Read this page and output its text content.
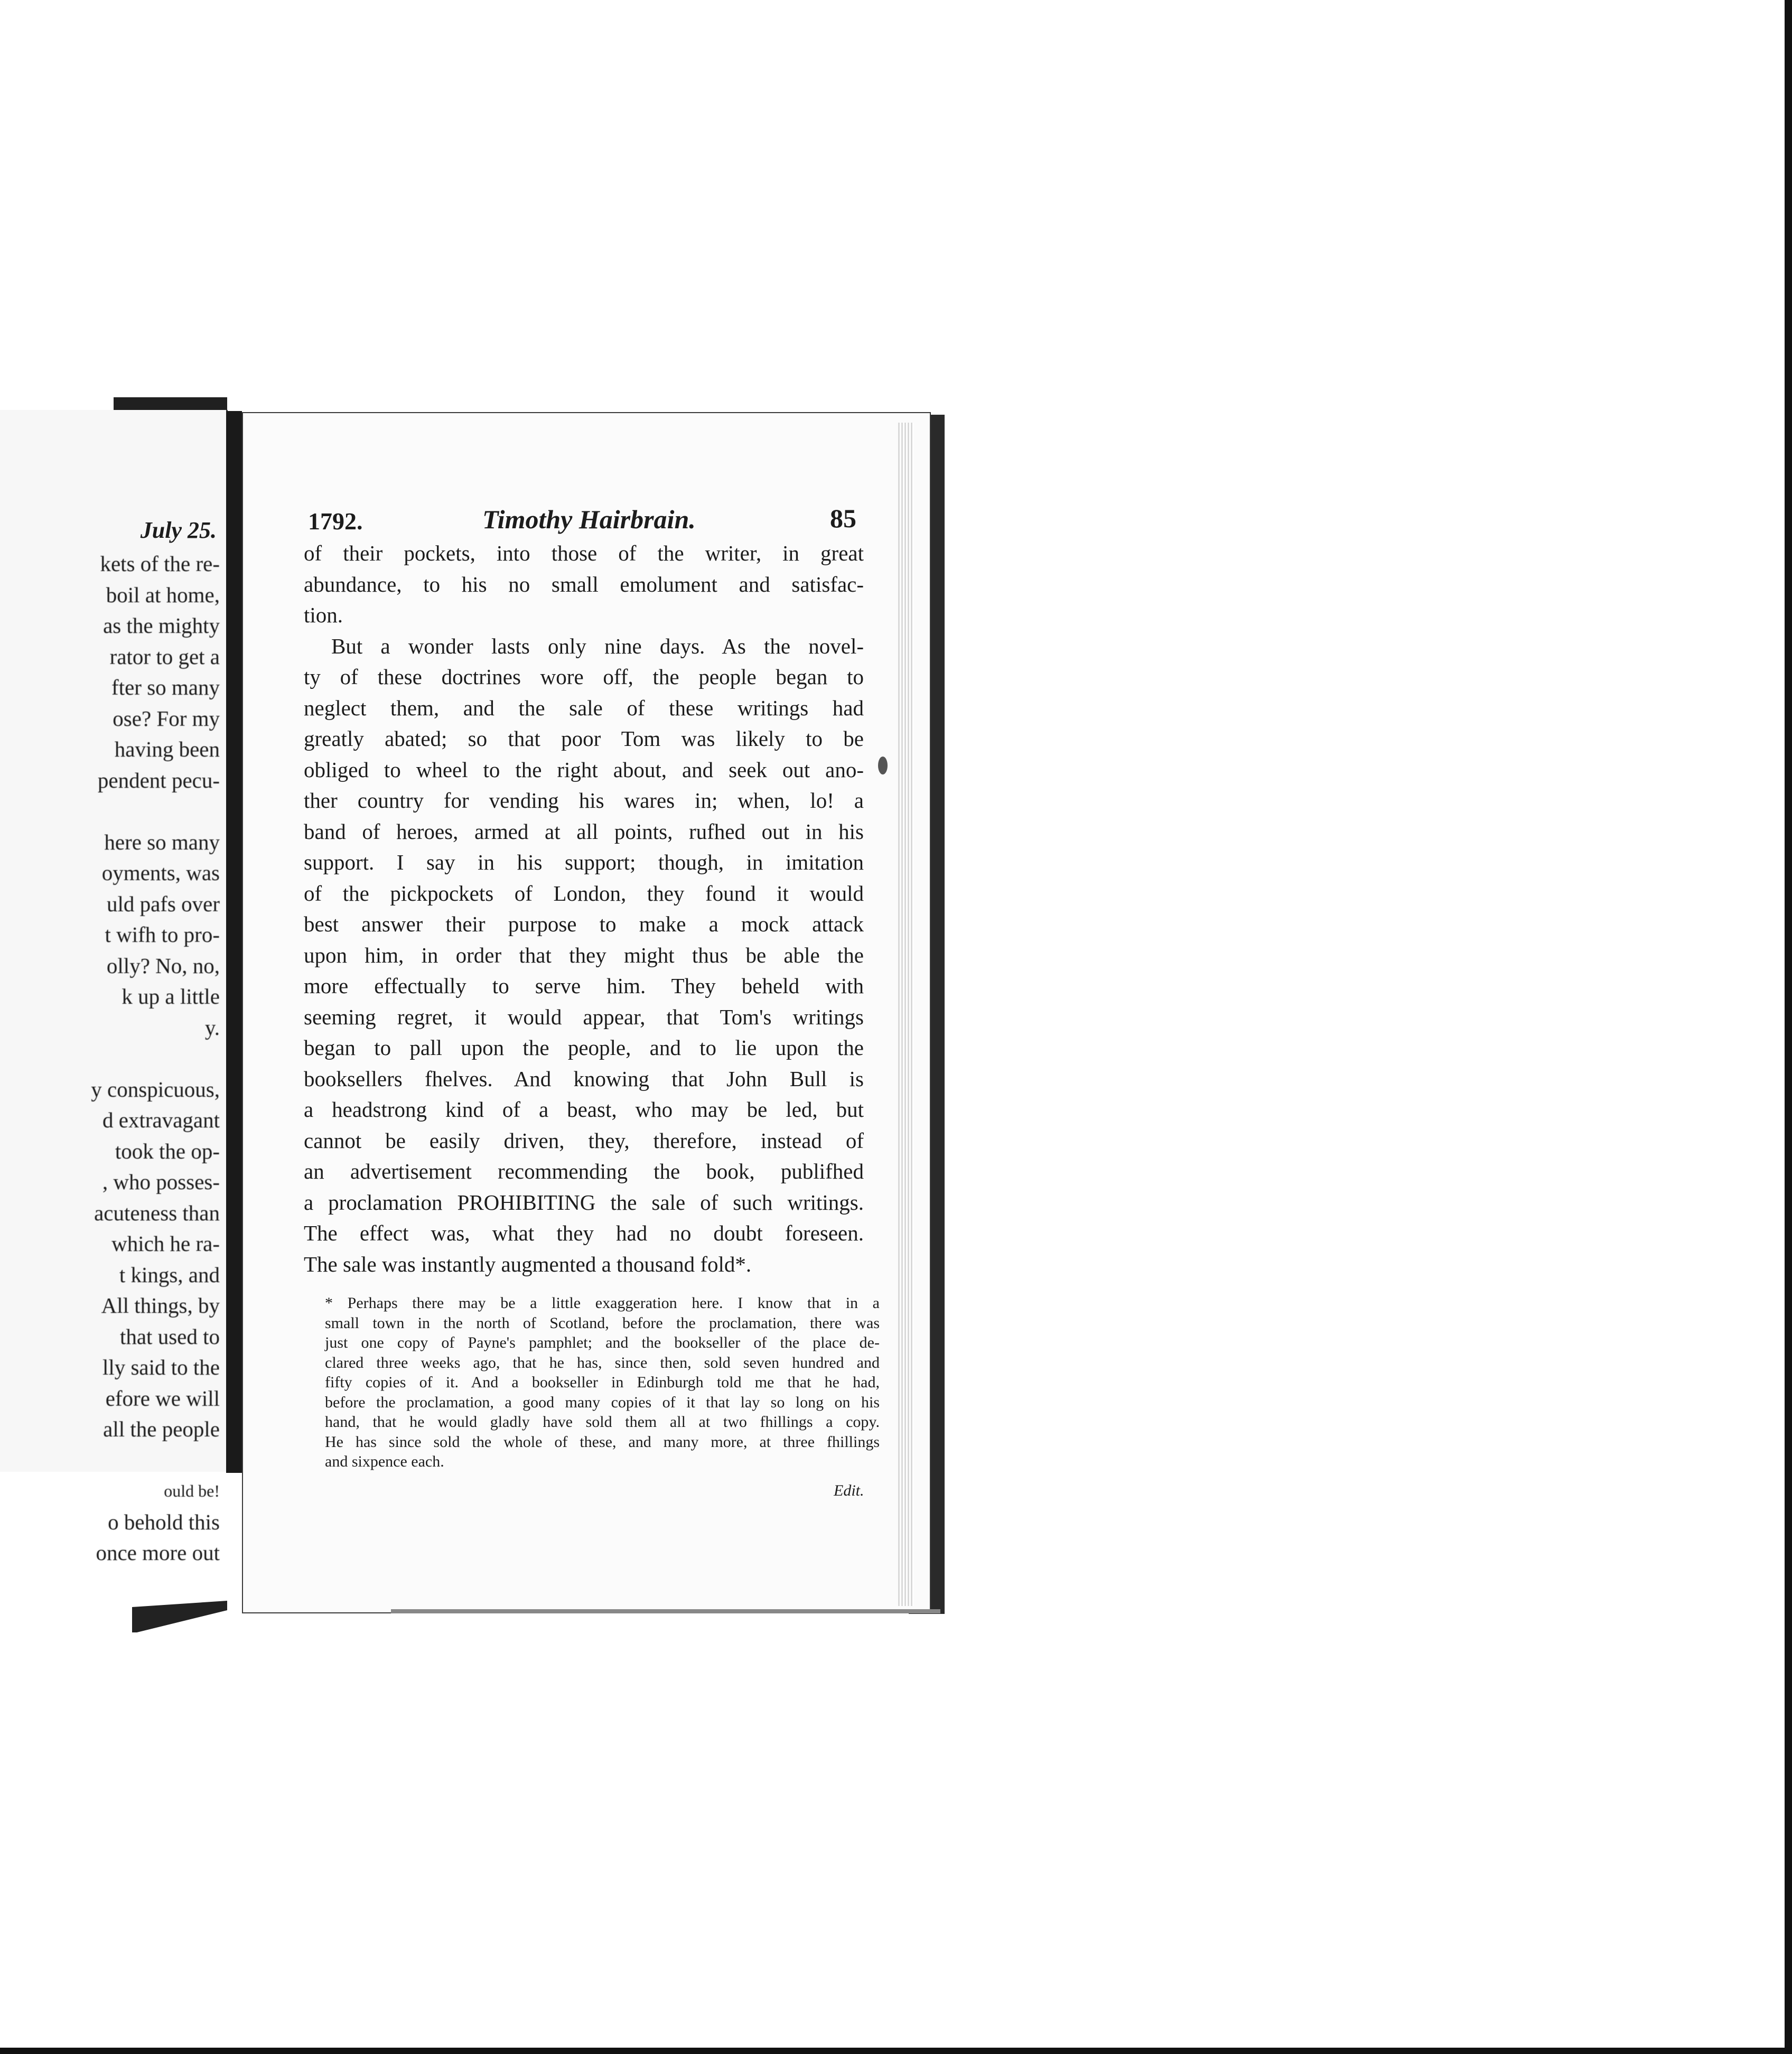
July 25.
kets of the re-
boil at home,
as the mighty
rator to get a
fter so many
ose? For my
having been
pendent pecu-

here so many
oyments, was
uld pafs over
t wifh to pro-
olly? No, no,
k up a little
y.

y conspicuous,
d extravagant
took the op-
, who posses-
acuteness than
which he ra-
t kings, and
All things, by
that used to
lly said to the
efore we will
all the people

ould be!
o behold this
once more out
1792.	Timothy Hairbrain.	85
of their pockets, into those of the writer, in great
abundance, to his no small emolument and satisfac-
tion.
But a wonder lasts only nine days. As the novel-
ty of these doctrines wore off, the people began to
neglect them, and the sale of these writings had
greatly abated; so that poor Tom was likely to be
obliged to wheel to the right about, and seek out ano-
ther country for vending his wares in; when, lo! a
band of heroes, armed at all points, rufhed out in his
support. I say in his support; though, in imitation
of the pickpockets of London, they found it would
best answer their purpose to make a mock attack
upon him, in order that they might thus be able the
more effectually to serve him. They beheld with
seeming regret, it would appear, that Tom's writings
began to pall upon the people, and to lie upon the
booksellers fhelves. And knowing that John Bull is
a headstrong kind of a beast, who may be led, but
cannot be easily driven, they, therefore, instead of
an advertisement recommending the book, publifhed
a proclamation PROHIBITING the sale of such writings.
The effect was, what they had no doubt foreseen.
The sale was instantly augmented a thousand fold*.
* Perhaps there may be a little exaggeration here. I know that in a
small town in the north of Scotland, before the proclamation, there was
just one copy of Payne's pamphlet; and the bookseller of the place de-
clared three weeks ago, that he has, since then, sold seven hundred and
fifty copies of it. And a bookseller in Edinburgh told me that he had,
before the proclamation, a good many copies of it that lay so long on his
hand, that he would gladly have sold them all at two fhillings a copy.
He has since sold the whole of these, and many more, at three fhillings
and sixpence each.
Edit.
